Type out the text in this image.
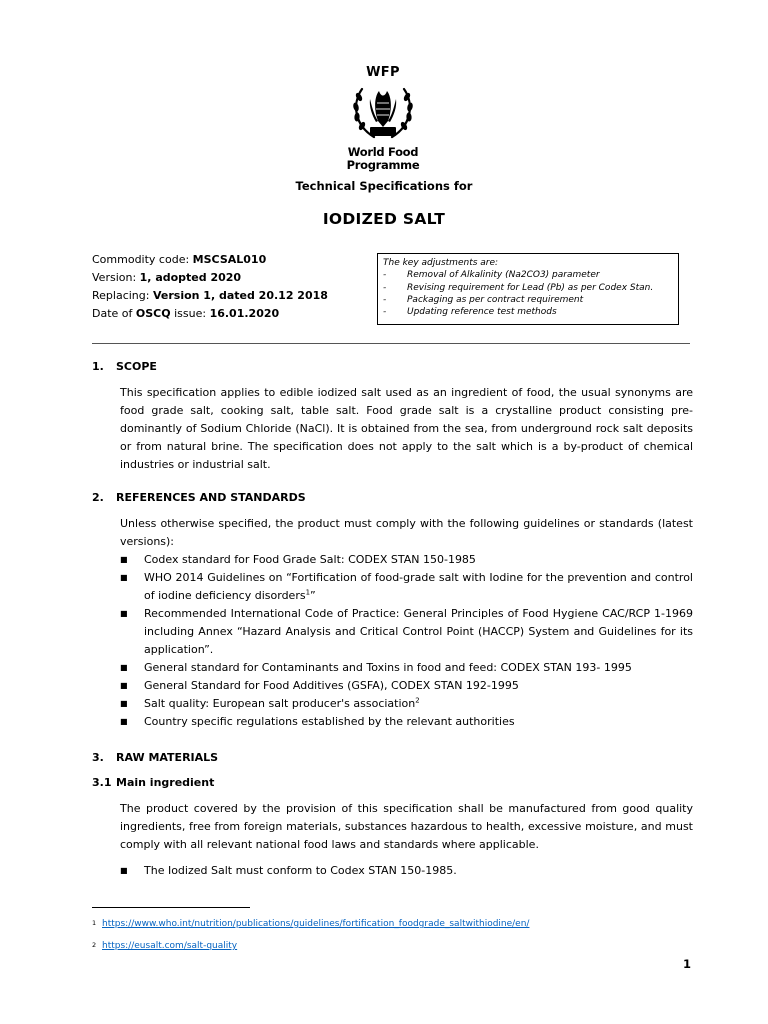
WFP
World Food
Programme
Technical Specifications for
IODIZED SALT
Commodity code: MSCSAL010
Version: 1, adopted 2020
Replacing: Version 1, dated 20.12 2018
Date of OSCQ issue: 16.01.2020
The key adjustments are:
- Removal of Alkalinity (Na2CO3) parameter
- Revising requirement for Lead (Pb) as per Codex Stan.
- Packaging as per contract requirement
- Updating reference test methods
1. SCOPE
This specification applies to edible iodized salt used as an ingredient of food, the usual synonyms are food grade salt, cooking salt, table salt. Food grade salt is a crystalline product consisting pre-dominantly of Sodium Chloride (NaCl). It is obtained from the sea, from underground rock salt deposits or from natural brine. The specification does not apply to the salt which is a by-product of chemical industries or industrial salt.
2. REFERENCES AND STANDARDS
Unless otherwise specified, the product must comply with the following guidelines or standards (latest versions):
■ Codex standard for Food Grade Salt: CODEX STAN 150-1985
■ WHO 2014 Guidelines on “Fortification of food-grade salt with Iodine for the prevention and control of iodine deficiency disorders$^1$”
■ Recommended International Code of Practice: General Principles of Food Hygiene CAC/RCP 1-1969 including Annex “Hazard Analysis and Critical Control Point (HACCP) System and Guidelines for its application”.
■ General standard for Contaminants and Toxins in food and feed: CODEX STAN 193- 1995
■ General Standard for Food Additives (GSFA), CODEX STAN 192-1995
■ Salt quality: European salt producer's association$^2$
■ Country specific regulations established by the relevant authorities
3. RAW MATERIALS
3.1 Main ingredient
The product covered by the provision of this specification shall be manufactured from good quality ingredients, free from foreign materials, substances hazardous to health, excessive moisture, and must comply with all relevant national food laws and standards where applicable.
■ The Iodized Salt must conform to Codex STAN 150-1985.
1 https://www.who.int/nutrition/publications/guidelines/fortification_foodgrade_saltwithiodine/en/
2 https://eusalt.com/salt-quality
1
